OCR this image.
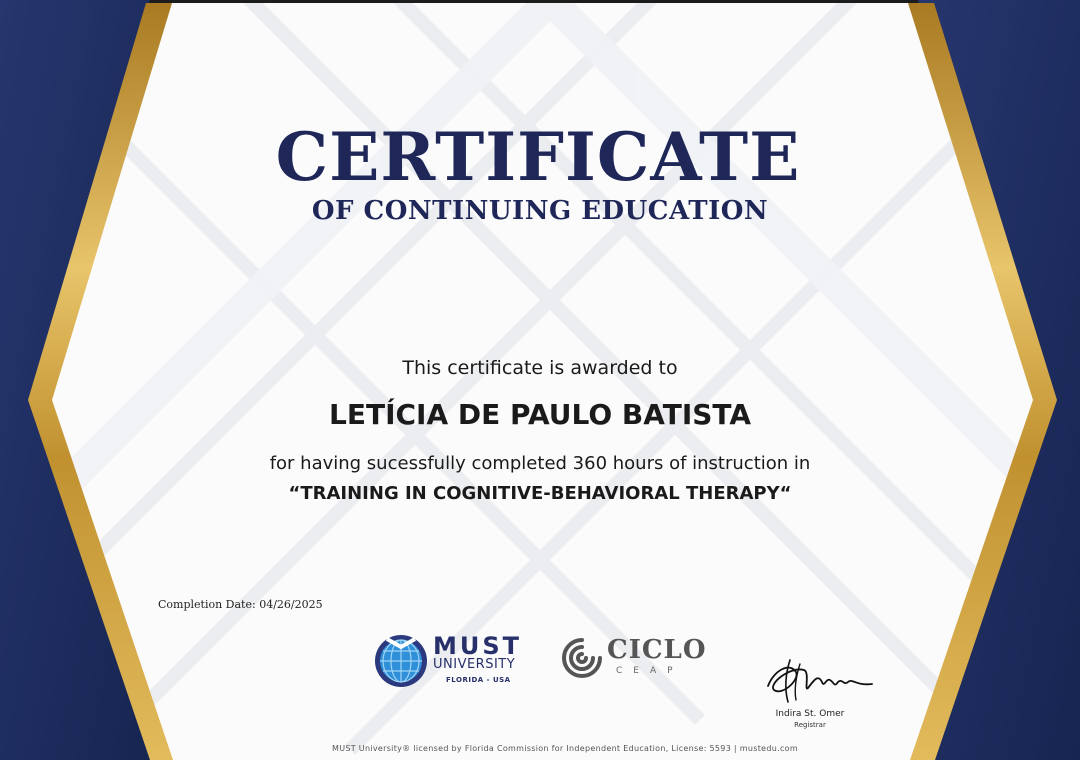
CERTIFICATE
OF CONTINUING EDUCATION
This certificate is awarded to
LETÍCIA DE PAULO BATISTA
for having sucessfully completed 360 hours of instruction in
“TRAINING IN COGNITIVE-BEHAVIORAL THERAPY“
Completion Date: 04/26/2025
MUST
UNIVERSITY
FLORIDA - USA
CICLO
CEAP
Indira St. Omer
Registrar
MUST University® licensed by Florida Commission for Independent Education, License: 5593 | mustedu.com
